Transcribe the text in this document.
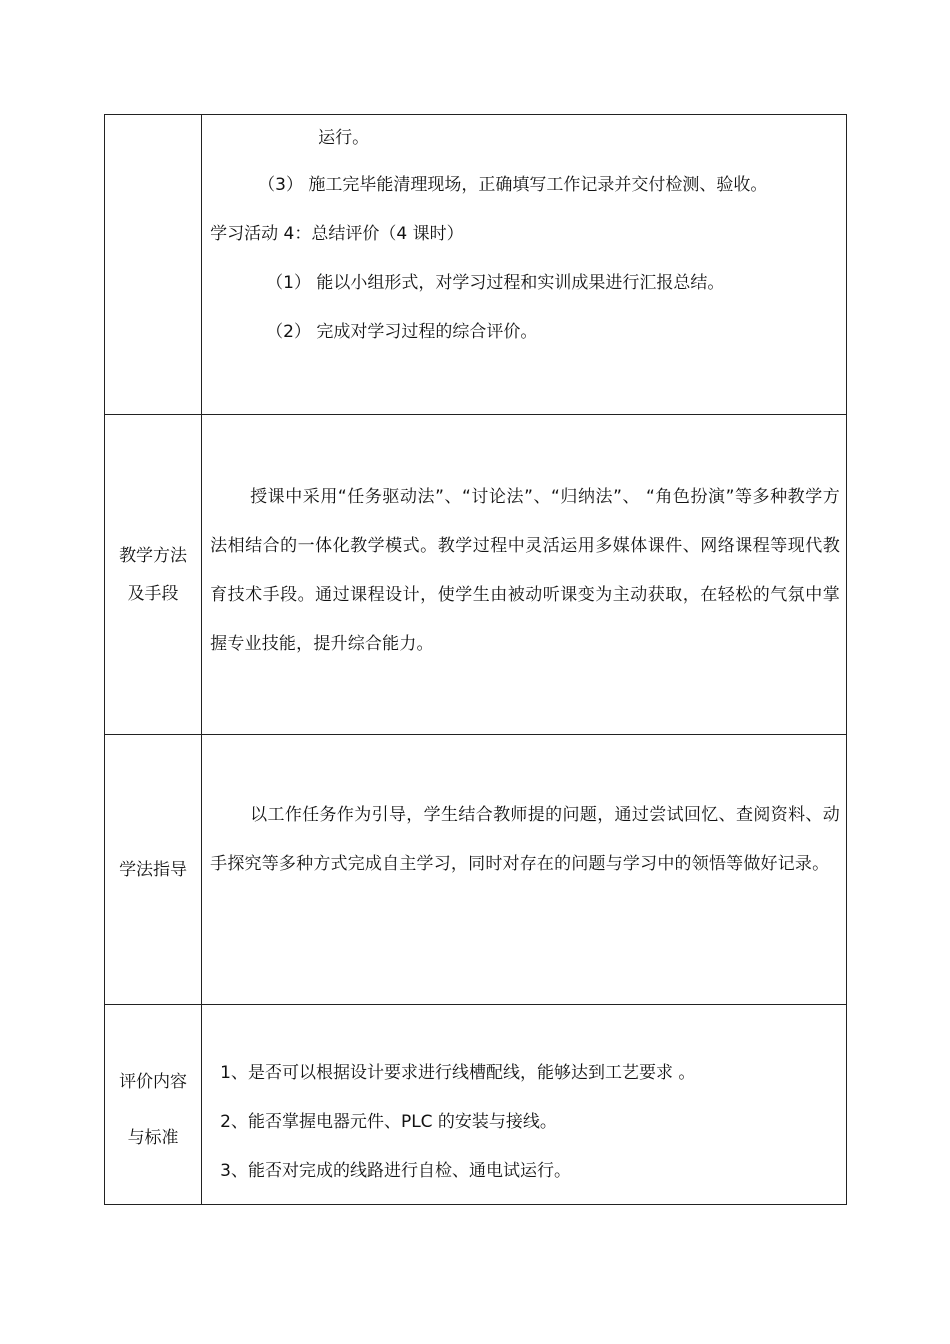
	运行。
（3） 施工完毕能清理现场，正确填写工作记录并交付检测、验收。
学习活动 4：总结评价（4 课时）
（1） 能以小组形式，对学习过程和实训成果进行汇报总结。
（2） 完成对学习过程的综合评价。

教学方法
及手段	授课中采用“任务驱动法”、“讨论法”、“归纳法”、 “角色扮演”等多种教学方法相结合的一体化教学模式。教学过程中灵活运用多媒体课件、网络课程等现代教育技术手段。通过课程设计，使学生由被动听课变为主动获取，在轻松的气氛中掌握专业技能，提升综合能力。

学法指导	以工作任务作为引导，学生结合教师提的问题，通过尝试回忆、查阅资料、动手探究等多种方式完成自主学习，同时对存在的问题与学习中的领悟等做好记录。

评价内容
与标准	1、是否可以根据设计要求进行线槽配线，能够达到工艺要求 。
2、能否掌握电器元件、PLC 的安装与接线。
3、能否对完成的线路进行自检、通电试运行。
